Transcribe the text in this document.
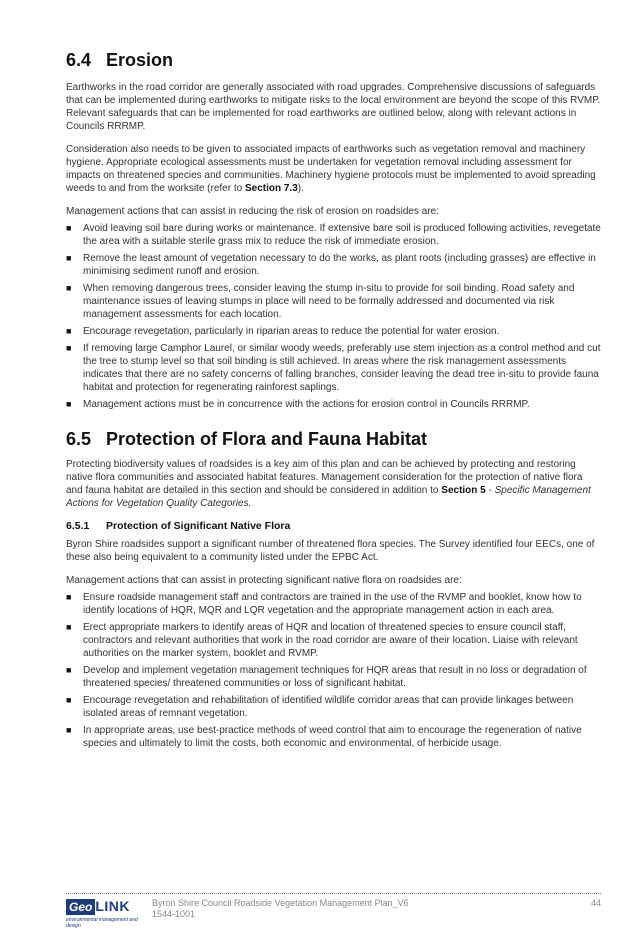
6.4 Erosion

Earthworks in the road corridor are generally associated with road upgrades. Comprehensive discussions of safeguards that can be implemented during earthworks to mitigate risks to the local environment are beyond the scope of this RVMP. Relevant safeguards that can be implemented for road earthworks are outlined below, along with relevant actions in Councils RRRMP.

Consideration also needs to be given to associated impacts of earthworks such as vegetation removal and machinery hygiene. Appropriate ecological assessments must be undertaken for vegetation removal including assessment for impacts on threatened species and communities. Machinery hygiene protocols must be implemented to avoid spreading weeds to and from the worksite (refer to Section 7.3).

Management actions that can assist in reducing the risk of erosion on roadsides are:

■ Avoid leaving soil bare during works or maintenance. If extensive bare soil is produced following activities, revegetate the area with a suitable sterile grass mix to reduce the risk of immediate erosion.
■ Remove the least amount of vegetation necessary to do the works, as plant roots (including grasses) are effective in minimising sediment runoff and erosion.
■ When removing dangerous trees, consider leaving the stump in-situ to provide for soil binding. Road safety and maintenance issues of leaving stumps in place will need to be formally addressed and documented via risk management assessments for each location.
■ Encourage revegetation, particularly in riparian areas to reduce the potential for water erosion.
■ If removing large Camphor Laurel, or similar woody weeds, preferably use stem injection as a control method and cut the tree to stump level so that soil binding is still achieved. In areas where the risk management assessments indicates that there are no safety concerns of falling branches, consider leaving the dead tree in-situ to provide fauna habitat and protection for regenerating rainforest saplings.
■ Management actions must be in concurrence with the actions for erosion control in Councils RRRMP.
6.5 Protection of Flora and Fauna Habitat

Protecting biodiversity values of roadsides is a key aim of this plan and can be achieved by protecting and restoring native flora communities and associated habitat features. Management consideration for the protection of native flora and fauna habitat are detailed in this section and should be considered in addition to Section 5 - Specific Management Actions for Vegetation Quality Categories.

6.5.1 Protection of Significant Native Flora

Byron Shire roadsides support a significant number of threatened flora species. The Survey identified four EECs, one of these also being equivalent to a community listed under the EPBC Act.

Management actions that can assist in protecting significant native flora on roadsides are:

■ Ensure roadside management staff and contractors are trained in the use of the RVMP and booklet, know how to identify locations of HQR, MQR and LQR vegetation and the appropriate management action in each area.
■ Erect appropriate markers to identify areas of HQR and location of threatened species to ensure council staff, contractors and relevant authorities that work in the road corridor are aware of their location. Liaise with relevant authorities on the marker system, booklet and RVMP.
■ Develop and implement vegetation management techniques for HQR areas that result in no loss or degradation of threatened species/ threatened communities or loss of significant habitat.
■ Encourage revegetation and rehabilitation of identified wildlife corridor areas that can provide linkages between isolated areas of remnant vegetation.
■ In appropriate areas, use best-practice methods of weed control that aim to encourage the regeneration of native species and ultimately to limit the costs, both economic and environmental, of herbicide usage.
Geo LINK
environmental management and design
Byron Shire Council Roadside Vegetation Management Plan_V6
1544-1001
44
